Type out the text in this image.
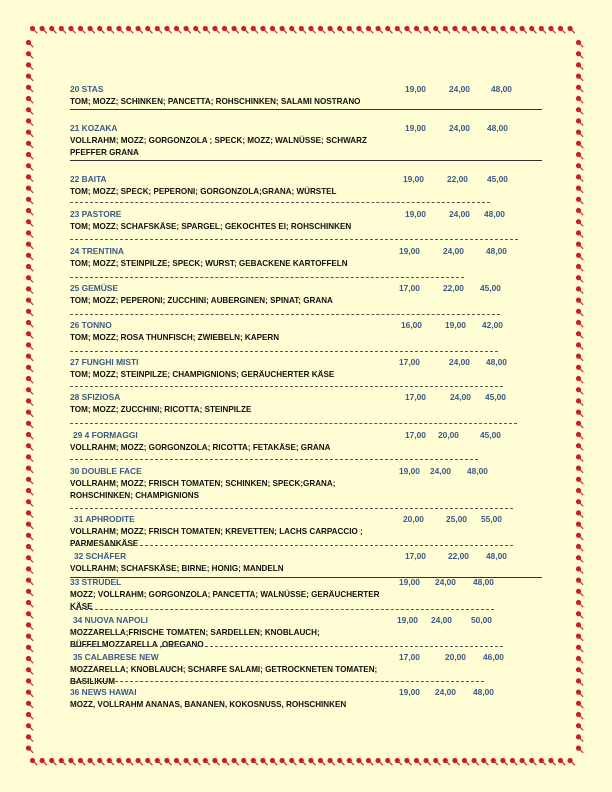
20 STAS	19,00	24,00	48,00
TOM; MOZZ; SCHINKEN; PANCETTA; ROHSCHINKEN; SALAMI NOSTRANO
21 KOZAKA	19,00	24,00 48,00
VOLLRAHM; MOZZ; GORGONZOLA ; SPECK; MOZZ; WALNÜSSE; SCHWARZ PFEFFER GRANA
22 BAITA	19,00	22,00 45,00
TOM; MOZZ; SPECK; PEPERONI; GORGONZOLA;GRANA; WÜRSTEL
23 PASTORE	19,00	24,00 48,00
TOM; MOZZ; SCHAFSKÄSE; SPARGEL; GEKOCHTES EI; ROHSCHINKEN
24 TRENTINA	19,00	24,00	48,00
TOM; MOZZ; STEINPILZE; SPECK; WURST; GEBACKENE KARTOFFELN
25 GEMÜSE	17,00	22,00 45,00
TOM; MOZZ; PEPERONI; ZUCCHINI; AUBERGINEN; SPINAT; GRANA
26 TONNO	16,00	19,00 42,00
TOM; MOZZ; ROSA THUNFISCH; ZWIEBELN; KAPERN
27 FUNGHI MISTI	17,00	24,00 48,00
TOM; MOZZ; STEINPILZE; CHAMPIGNIONS; GERÄUCHERTER KÄSE
28 SFIZIOSA	17,00	24,00 45,00
TOM; MOZZ; ZUCCHINI; RICOTTA; STEINPILZE
29 4 FORMAGGI	17,00 20,00	45,00
VOLLRAHM; MOZZ; GORGONZOLA; RICOTTA; FETAKÄSE; GRANA
30 DOUBLE FACE	19,00 24,00 48,00
VOLLRAHM; MOZZ; FRISCH TOMATEN; SCHINKEN; SPECK;GRANA; ROHSCHINKEN; CHAMPIGNIONS
31 APHRODITE	20,00	25,00 55,00
VOLLRAHM; MOZZ; FRISCH TOMATEN; KREVETTEN; LACHS CARPACCIO ; PARMESANKÄSE
32 SCHÄFER	17,00	22,00 48,00
VOLLRAHM; SCHAFSKÄSE; BIRNE; HONIG; MANDELN
33 STRUDEL	19,00 24,00 48,00
MOZZ; VOLLRAHM; GORGONZOLA; PANCETTA; WALNÜSSE; GERÄUCHERTER KÄSE
34 NUOVA NAPOLI	19,00 24,00 50,00
MOZZARELLA;FRISCHE TOMATEN; SARDELLEN; KNOBLAUCH; BÜFFELMOZZARELLA ,OREGANO
35 CALABRESE NEW	17,00	20,00 46,00
MOZZARELLA; KNOBLAUCH; SCHARFE SALAMI; GETROCKNETEN TOMATEN; BASILIKUM
36 NEWS HAWAI	19,00 24,00 48,00
MOZZ, VOLLRAHM ANANAS, BANANEN, KOKOSNUSS, ROHSCHINKEN
